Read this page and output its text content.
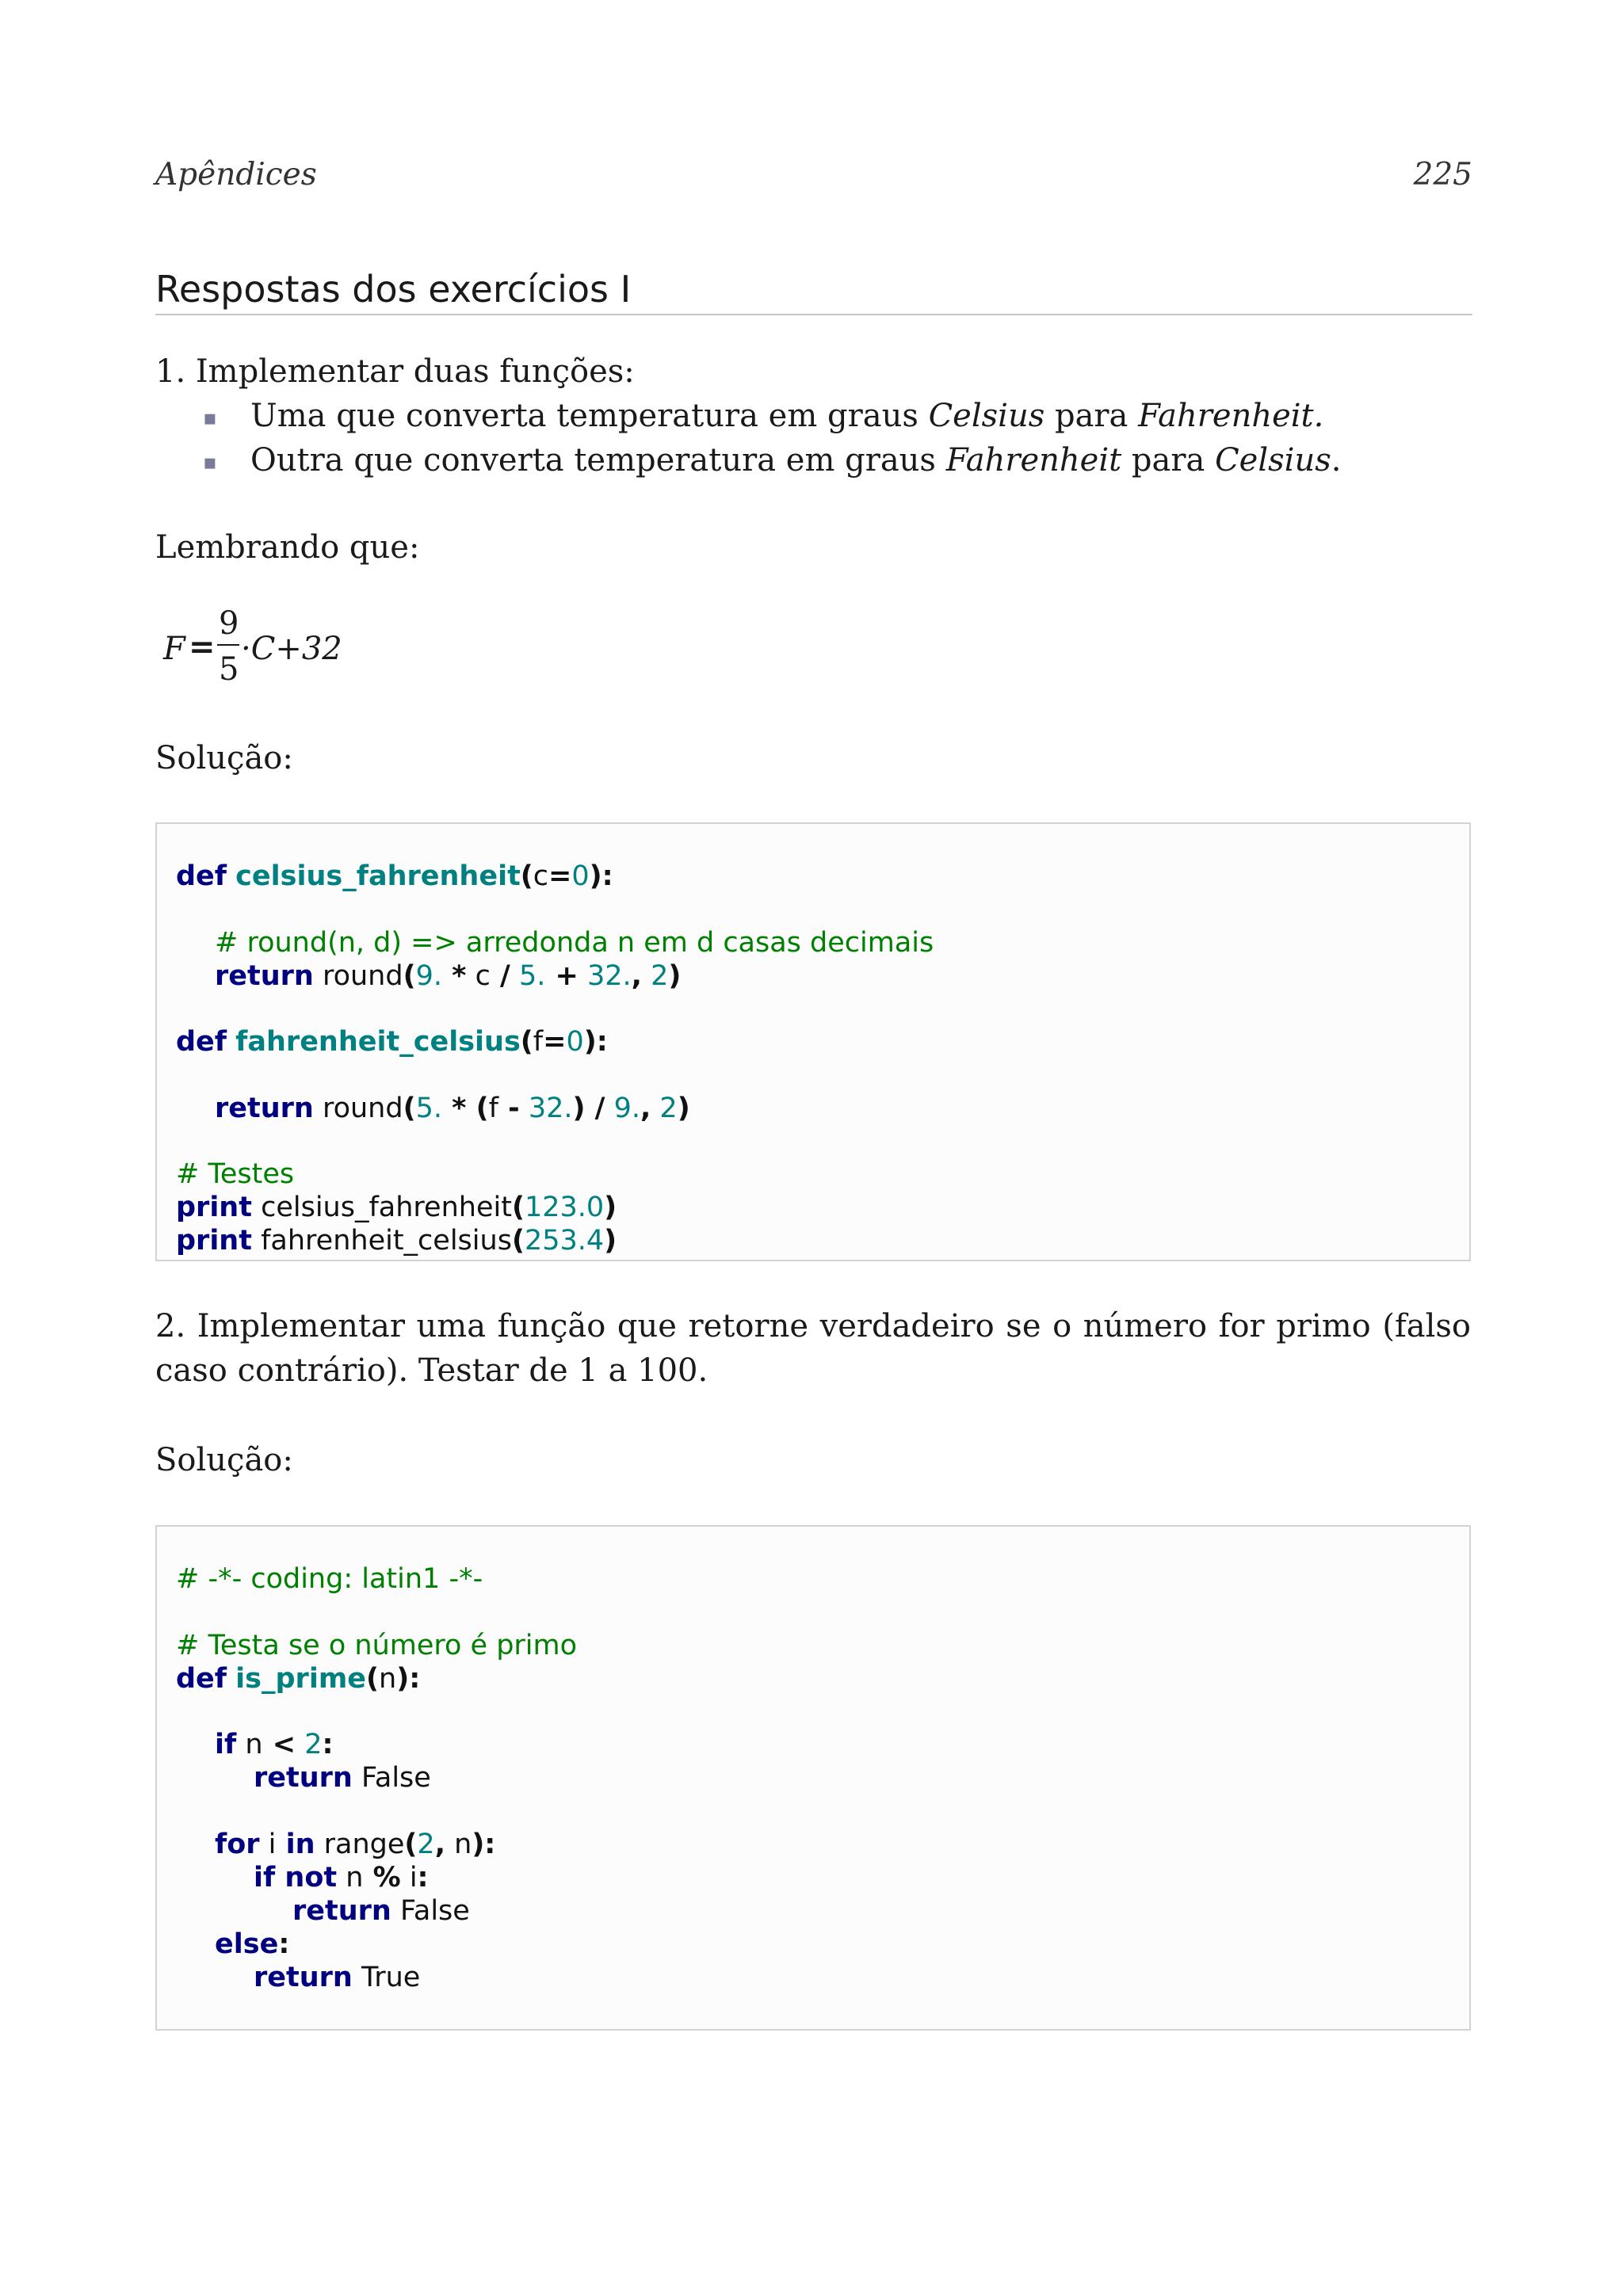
Apêndices	225
Respostas dos exercícios I
1. Implementar duas funções:
▪ Uma que converta temperatura em graus Celsius para Fahrenheit.
▪ Outra que converta temperatura em graus Fahrenheit para Celsius.
Lembrando que:
F =
9
5
·C+32
Solução:
def celsius_fahrenheit(c=0):
# round(n, d) => arredonda n em d casas decimais
return round(9. * c / 5. + 32., 2)
def fahrenheit_celsius(f=0):
return round(5. * (f - 32.) / 9., 2)
# Testes
print celsius_fahrenheit(123.0)
print fahrenheit_celsius(253.4)
2. Implementar uma função que retorne verdadeiro se o número for primo (falso caso contrário). Testar de 1 a 100.
Solução:
# -*- coding: latin1 -*-
# Testa se o número é primo
def is_prime(n):
if n < 2:
return False
for i in range(2, n):
if not n % i:
return False
else:
return True
